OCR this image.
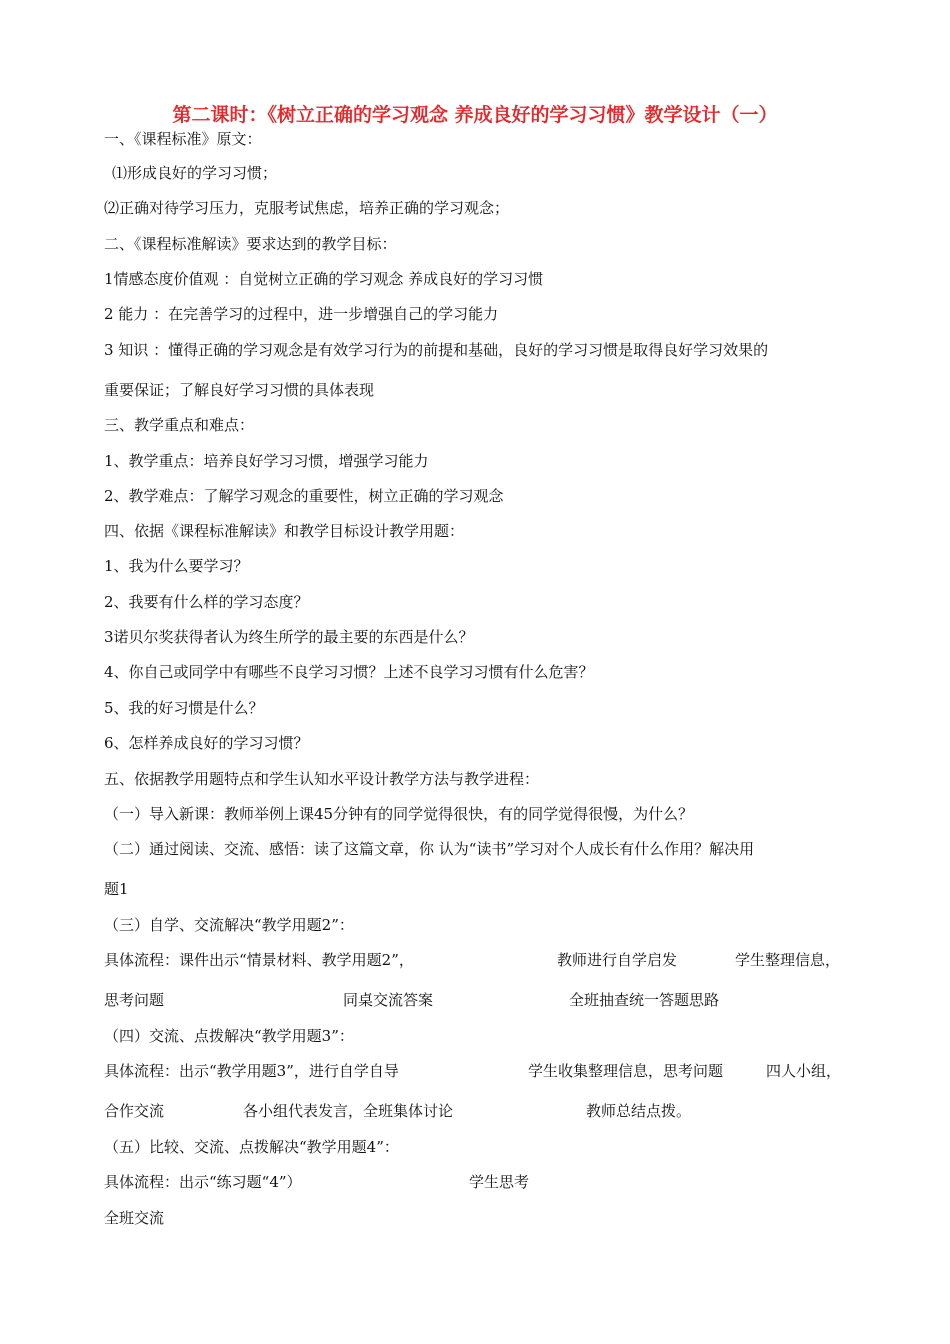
第二课时：《树立正确的学习观念 养成良好的学习习惯》教学设计（一）
一、《课程标准》原文：
⑴形成良好的学习习惯；
⑵正确对待学习压力，克服考试焦虑，培养正确的学习观念；
二、《课程标准解读》要求达到的教学目标：
1情感态度价值观 ：自觉树立正确的学习观念 养成良好的学习习惯
2 能力 ：在完善学习的过程中，进一步增强自己的学习能力
3 知识 ：懂得正确的学习观念是有效学习行为的前提和基础，良好的学习习惯是取得良好学习效果的
重要保证；了解良好学习习惯的具体表现
三、教学重点和难点：
1、教学重点：培养良好学习习惯，增强学习能力
2、教学难点：了解学习观念的重要性，树立正确的学习观念
四、依据《课程标准解读》和教学目标设计教学用题：
1、我为什么要学习？
2、我要有什么样的学习态度？
3诺贝尔奖获得者认为终生所学的最主要的东西是什么？
4、你自己或同学中有哪些不良学习习惯？上述不良学习习惯有什么危害？
5、我的好习惯是什么？
6、怎样养成良好的学习习惯？
五、依据教学用题特点和学生认知水平设计教学方法与教学进程：
（一）导入新课：教师举例上课45分钟有的同学觉得很快，有的同学觉得很慢，为什么？
（二）通过阅读、交流、感悟：读了这篇文章，你 认为“读书”学习对个人成长有什么作用？解决用
题1
（三）自学、交流解决“教学用题2”：
具体流程：课件出示“情景材料、教学用题2”，	教师进行自学启发	学生整理信息，
思考问题	同桌交流答案	全班抽查统一答题思路
（四）交流、点拨解决“教学用题3”：
具体流程：出示“教学用题3”，进行自学自导	学生收集整理信息，思考问题	四人小组，
合作交流	各小组代表发言，全班集体讨论	教师总结点拨。
（五）比较、交流、点拨解决“教学用题4”：
具体流程：出示“练习题“4”）	学生思考
全班交流
